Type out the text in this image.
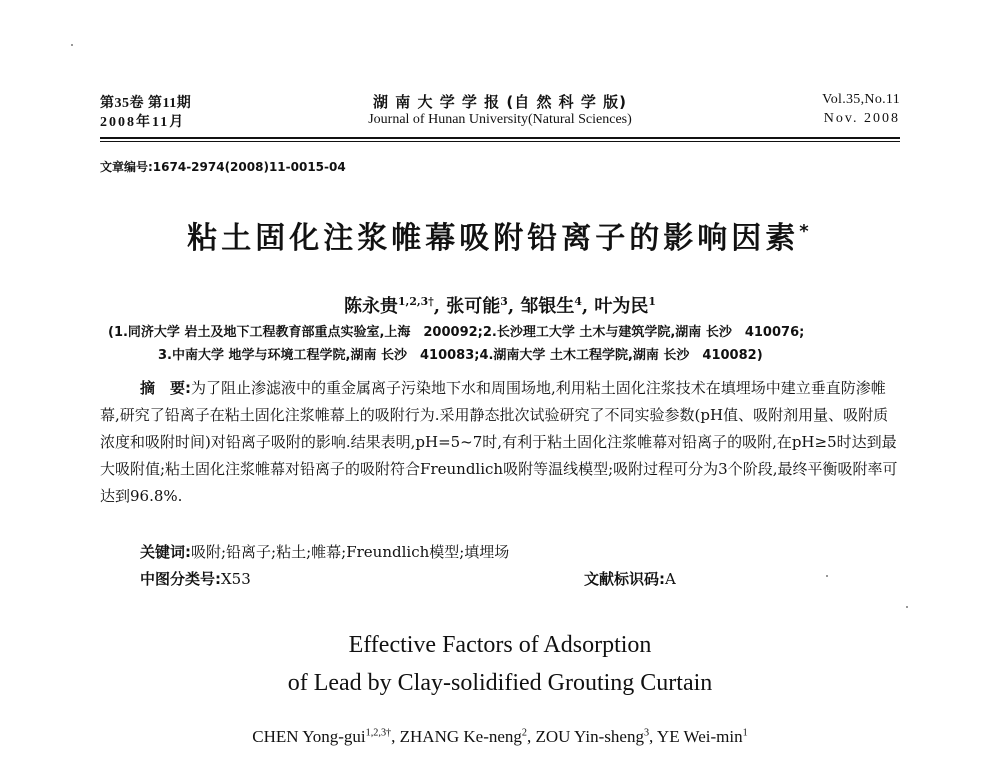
第35卷 第11期
2008年11月
湖 南 大 学 学 报 (自 然 科 学 版)
Journal of Hunan University(Natural Sciences)
Vol.35,No.11
Nov. 2008
文章编号:1674-2974(2008)11-0015-04
粘土固化注浆帷幕吸附铅离子的影响因素*
陈永贵$^{1,2,3\dagger}$, 张可能$^3$, 邹银生$^4$, 叶为民$^1$
(1.同济大学 岩土及地下工程教育部重点实验室,上海　200092;2.长沙理工大学 土木与建筑学院,湖南 长沙　410076;
3.中南大学 地学与环境工程学院,湖南 长沙　410083;4.湖南大学 土木工程学院,湖南 长沙　410082)
摘　要:为了阻止渗滤液中的重金属离子污染地下水和周围场地,利用粘土固化注浆技术在填埋场中建立垂直防渗帷幕,研究了铅离子在粘土固化注浆帷幕上的吸附行为.采用静态批次试验研究了不同实验参数(pH值、吸附剂用量、吸附质浓度和吸附时间)对铅离子吸附的影响.结果表明,pH=5~7时,有利于粘土固化注浆帷幕对铅离子的吸附,在pH≥5时达到最大吸附值;粘土固化注浆帷幕对铅离子的吸附符合Freundlich吸附等温线模型;吸附过程可分为3个阶段,最终平衡吸附率可达到96.8%.
关键词:吸附;铅离子;粘土;帷幕;Freundlich模型;填埋场
中图分类号:X53	文献标识码:A
Effective Factors of Adsorption
of Lead by Clay-solidified Grouting Curtain
CHEN Yong-gui$^{1,2,3\dagger}$, ZHANG Ke-neng$^2$, ZOU Yin-sheng$^3$, YE Wei-$\min^1$
